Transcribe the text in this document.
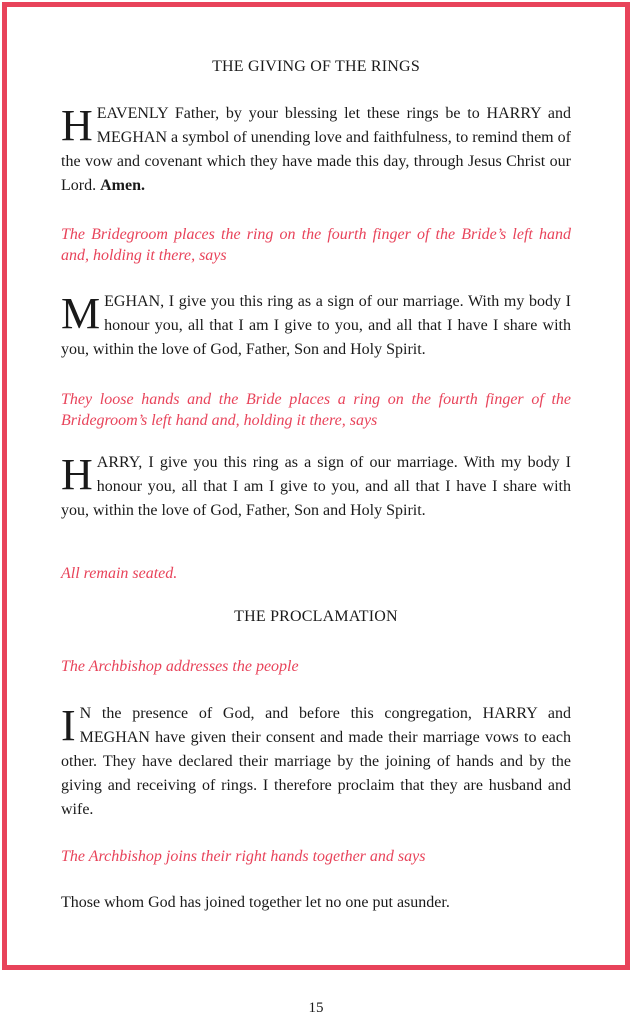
THE GIVING OF THE RINGS

HEAVENLY Father, by your blessing let these rings be to HARRY and MEGHAN a symbol of unending love and faithfulness, to remind them of the vow and covenant which they have made this day, through Jesus Christ our Lord. Amen.

The Bridegroom places the ring on the fourth finger of the Bride’s left hand and, holding it there, says

MEGHAN, I give you this ring as a sign of our marriage. With my body I honour you, all that I am I give to you, and all that I have I share with you, within the love of God, Father, Son and Holy Spirit.

They loose hands and the Bride places a ring on the fourth finger of the Bridegroom’s left hand and, holding it there, says

HARRY, I give you this ring as a sign of our marriage. With my body I honour you, all that I am I give to you, and all that I have I share with you, within the love of God, Father, Son and Holy Spirit.

All remain seated.

THE PROCLAMATION

The Archbishop addresses the people

I N the presence of God, and before this congregation, HARRY and MEGHAN have given their consent and made their marriage vows to each other. They have declared their marriage by the joining of hands and by the giving and receiving of rings. I therefore proclaim that they are husband and wife.

The Archbishop joins their right hands together and says

Those whom God has joined together let no one put asunder.

15
